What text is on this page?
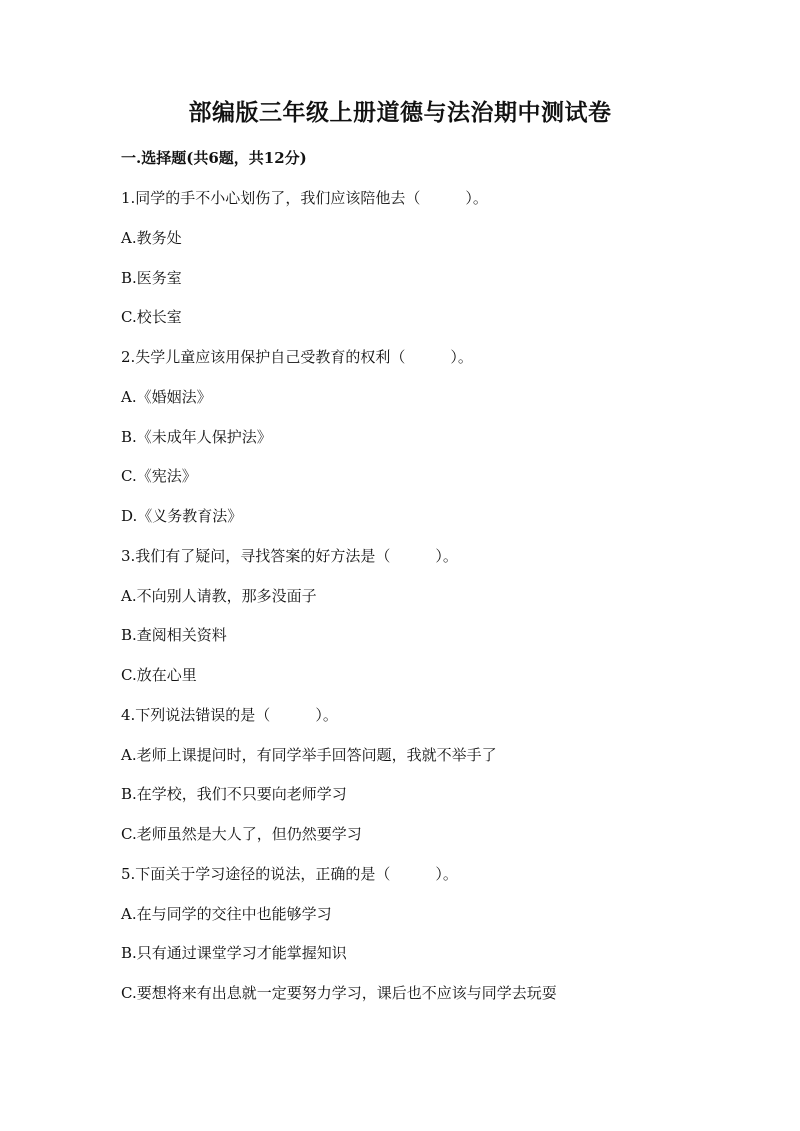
部编版三年级上册道德与法治期中测试卷
一.选择题(共6题，共12分)
1.同学的手不小心划伤了，我们应该陪他去（　　　）。
A.教务处
B.医务室
C.校长室
2.失学儿童应该用保护自己受教育的权利（　　　）。
A.《婚姻法》
B.《未成年人保护法》
C.《宪法》
D.《义务教育法》
3.我们有了疑问，寻找答案的好方法是（　　　）。
A.不向别人请教，那多没面子
B.查阅相关资料
C.放在心里
4.下列说法错误的是（　　　）。
A.老师上课提问时，有同学举手回答问题，我就不举手了
B.在学校，我们不只要向老师学习
C.老师虽然是大人了，但仍然要学习
5.下面关于学习途径的说法，正确的是（　　　）。
A.在与同学的交往中也能够学习
B.只有通过课堂学习才能掌握知识
C.要想将来有出息就一定要努力学习，课后也不应该与同学去玩耍
